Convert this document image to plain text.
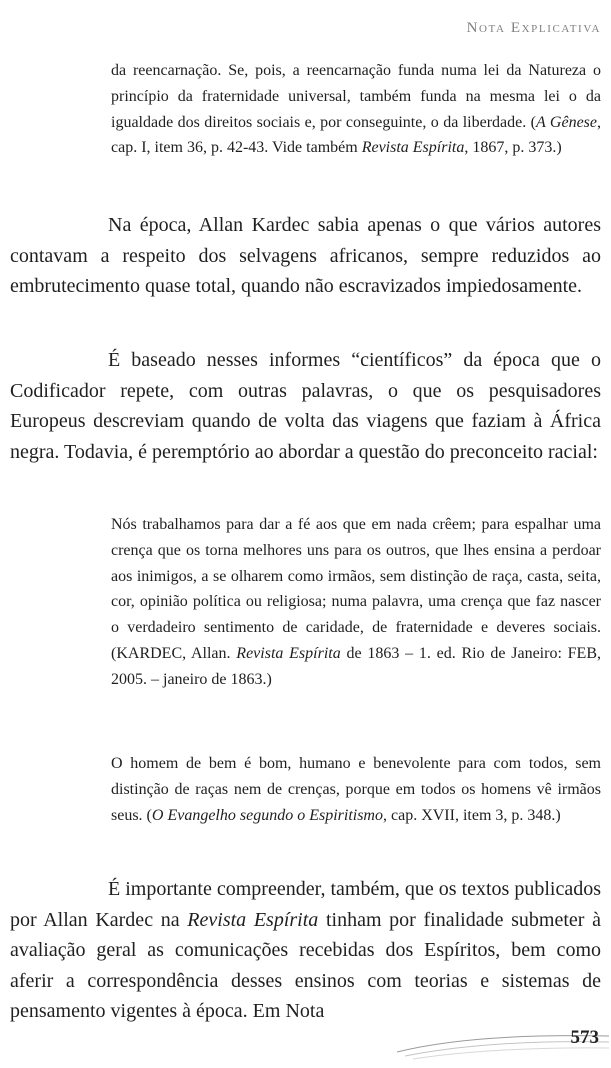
Nota Explicativa

da reencarnação. Se, pois, a reencarnação funda numa lei da Natureza o princípio da fraternidade universal, também funda na mesma lei o da igualdade dos direitos sociais e, por conseguinte, o da liberdade. (A Gênese, cap. I, item 36, p. 42-43. Vide também Revista Espírita, 1867, p. 373.)

Na época, Allan Kardec sabia apenas o que vários autores contavam a respeito dos selvagens africanos, sempre reduzidos ao embrutecimento quase total, quando não escravizados impiedosamente.

É baseado nesses informes “científicos” da época que o Codificador repete, com outras palavras, o que os pesquisadores Europeus descreviam quando de volta das viagens que faziam à África negra. Todavia, é peremptório ao abordar a questão do preconceito racial:

Nós trabalhamos para dar a fé aos que em nada crêem; para espalhar uma crença que os torna melhores uns para os outros, que lhes ensina a perdoar aos inimigos, a se olharem como irmãos, sem distinção de raça, casta, seita, cor, opinião política ou religiosa; numa palavra, uma crença que faz nascer o verdadeiro sentimento de caridade, de fraternidade e deveres sociais. (KARDEC, Allan. Revista Espírita de 1863 – 1. ed. Rio de Janeiro: FEB, 2005. – janeiro de 1863.)

O homem de bem é bom, humano e benevolente para com todos, sem distinção de raças nem de crenças, porque em todos os homens vê irmãos seus. (O Evangelho segundo o Espiritismo, cap. XVII, item 3, p. 348.)

É importante compreender, também, que os textos publicados por Allan Kardec na Revista Espírita tinham por finalidade submeter à avaliação geral as comunicações recebidas dos Espíritos, bem como aferir a correspondência desses ensinos com teorias e sistemas de pensamento vigentes à época. Em Nota

573
